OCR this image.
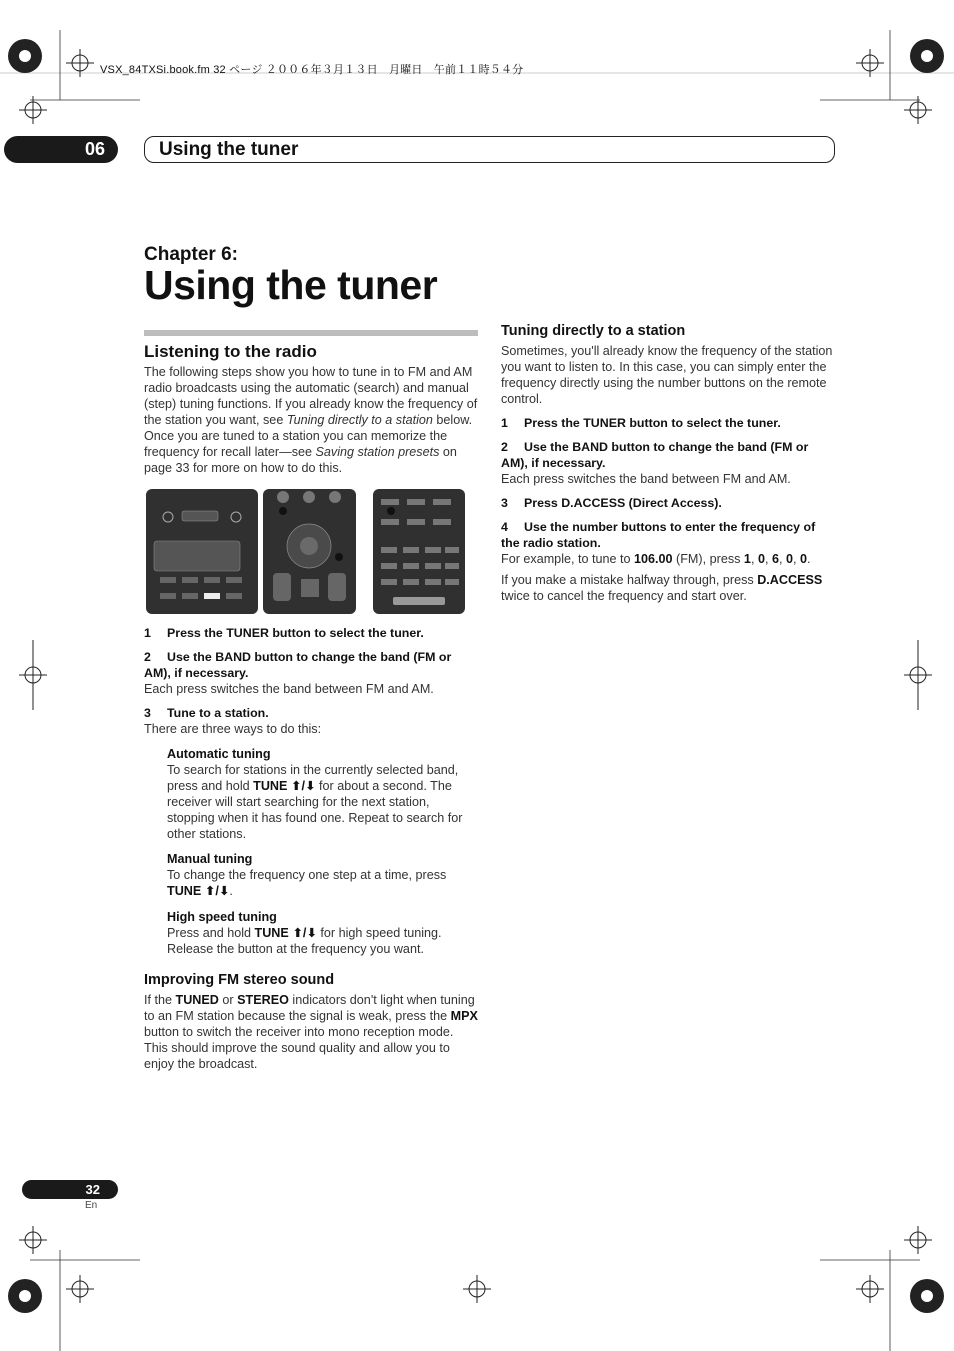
VSX_84TXSi.book.fm 32 ページ ２００６年３月１３日　月曜日　午前１１時５４分
06	Using the tuner
Chapter 6:
Using the tuner
Listening to the radio

The following steps show you how to tune in to FM and AM radio broadcasts using the automatic (search) and manual (step) tuning functions. If you already know the frequency of the station you want, see Tuning directly to a station below. Once you are tuned to a station you can memorize the frequency for recall later—see Saving station presets on page 33 for more on how to do this.

1 Press the TUNER button to select the tuner.

2 Use the BAND button to change the band (FM or AM), if necessary.

Each press switches the band between FM and AM.

3 Tune to a station.

There are three ways to do this:

Automatic tuning

To search for stations in the currently selected band, press and hold TUNE ⬆/⬇ for about a second. The receiver will start searching for the next station, stopping when it has found one. Repeat to search for other stations.

Manual tuning

To change the frequency one step at a time, press TUNE ⬆/⬇.

High speed tuning

Press and hold TUNE ⬆/⬇ for high speed tuning. Release the button at the frequency you want.

Improving FM stereo sound

If the TUNED or STEREO indicators don't light when tuning to an FM station because the signal is weak, press the MPX button to switch the receiver into mono reception mode. This should improve the sound quality and allow you to enjoy the broadcast.

Tuning directly to a station

Sometimes, you'll already know the frequency of the station you want to listen to. In this case, you can simply enter the frequency directly using the number buttons on the remote control.

1 Press the TUNER button to select the tuner.

2 Use the BAND button to change the band (FM or AM), if necessary.

Each press switches the band between FM and AM.

3 Press D.ACCESS (Direct Access).

4 Use the number buttons to enter the frequency of the radio station.

For example, to tune to 106.00 (FM), press 1, 0, 6, 0, 0.

If you make a mistake halfway through, press D.ACCESS twice to cancel the frequency and start over.

32
En
